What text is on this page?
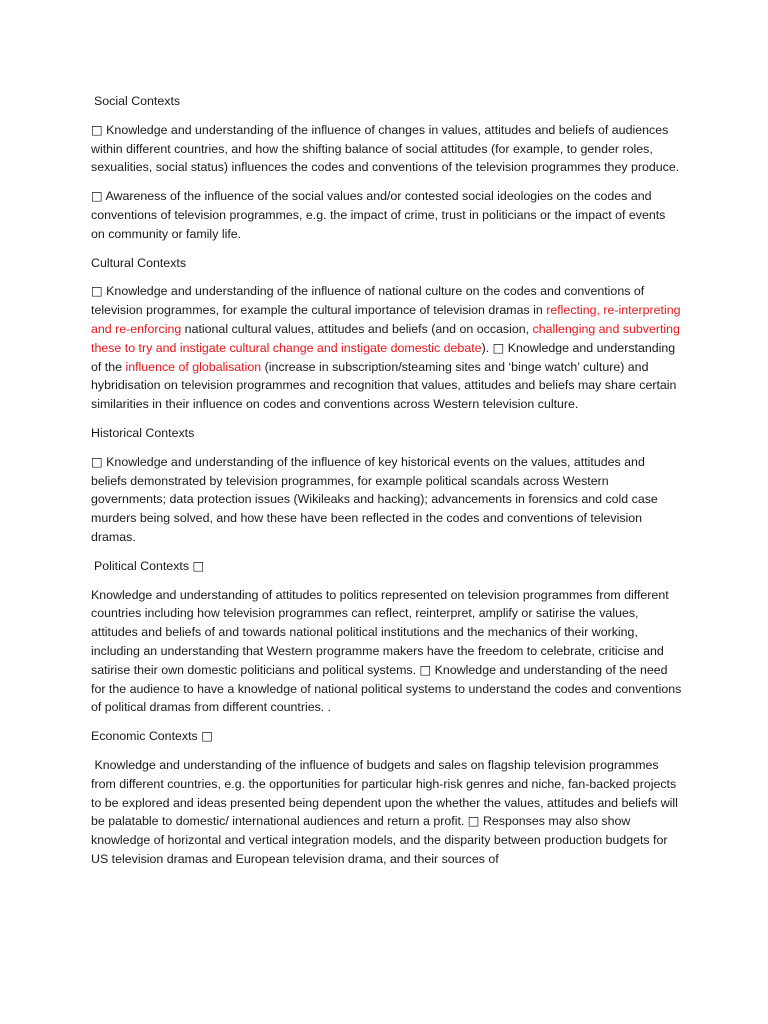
Social Contexts

□ Knowledge and understanding of the influence of changes in values, attitudes and beliefs of audiences within different countries, and how the shifting balance of social attitudes (for example, to gender roles, sexualities, social status) influences the codes and conventions of the television programmes they produce.

□ Awareness of the influence of the social values and/or contested social ideologies on the codes and conventions of television programmes, e.g. the impact of crime, trust in politicians or the impact of events on community or family life.

Cultural Contexts

□ Knowledge and understanding of the influence of national culture on the codes and conventions of television programmes, for example the cultural importance of television dramas in reflecting, re-interpreting and re-enforcing national cultural values, attitudes and beliefs (and on occasion, challenging and subverting these to try and instigate cultural change and instigate domestic debate). □ Knowledge and understanding of the influence of globalisation (increase in subscription/steaming sites and ‘binge watch’ culture) and hybridisation on television programmes and recognition that values, attitudes and beliefs may share certain similarities in their influence on codes and conventions across Western television culture.

Historical Contexts

□ Knowledge and understanding of the influence of key historical events on the values, attitudes and beliefs demonstrated by television programmes, for example political scandals across Western governments; data protection issues (Wikileaks and hacking); advancements in forensics and cold case murders being solved, and how these have been reflected in the codes and conventions of television dramas.

Political Contexts □

Knowledge and understanding of attitudes to politics represented on television programmes from different countries including how television programmes can reflect, reinterpret, amplify or satirise the values, attitudes and beliefs of and towards national political institutions and the mechanics of their working, including an understanding that Western programme makers have the freedom to celebrate, criticise and satirise their own domestic politicians and political systems. □ Knowledge and understanding of the need for the audience to have a knowledge of national political systems to understand the codes and conventions of political dramas from different countries. .

Economic Contexts □

Knowledge and understanding of the influence of budgets and sales on flagship television programmes from different countries, e.g. the opportunities for particular high-risk genres and niche, fan-backed projects to be explored and ideas presented being dependent upon the whether the values, attitudes and beliefs will be palatable to domestic/ international audiences and return a profit. □ Responses may also show knowledge of horizontal and vertical integration models, and the disparity between production budgets for US television dramas and European television drama, and their sources of
